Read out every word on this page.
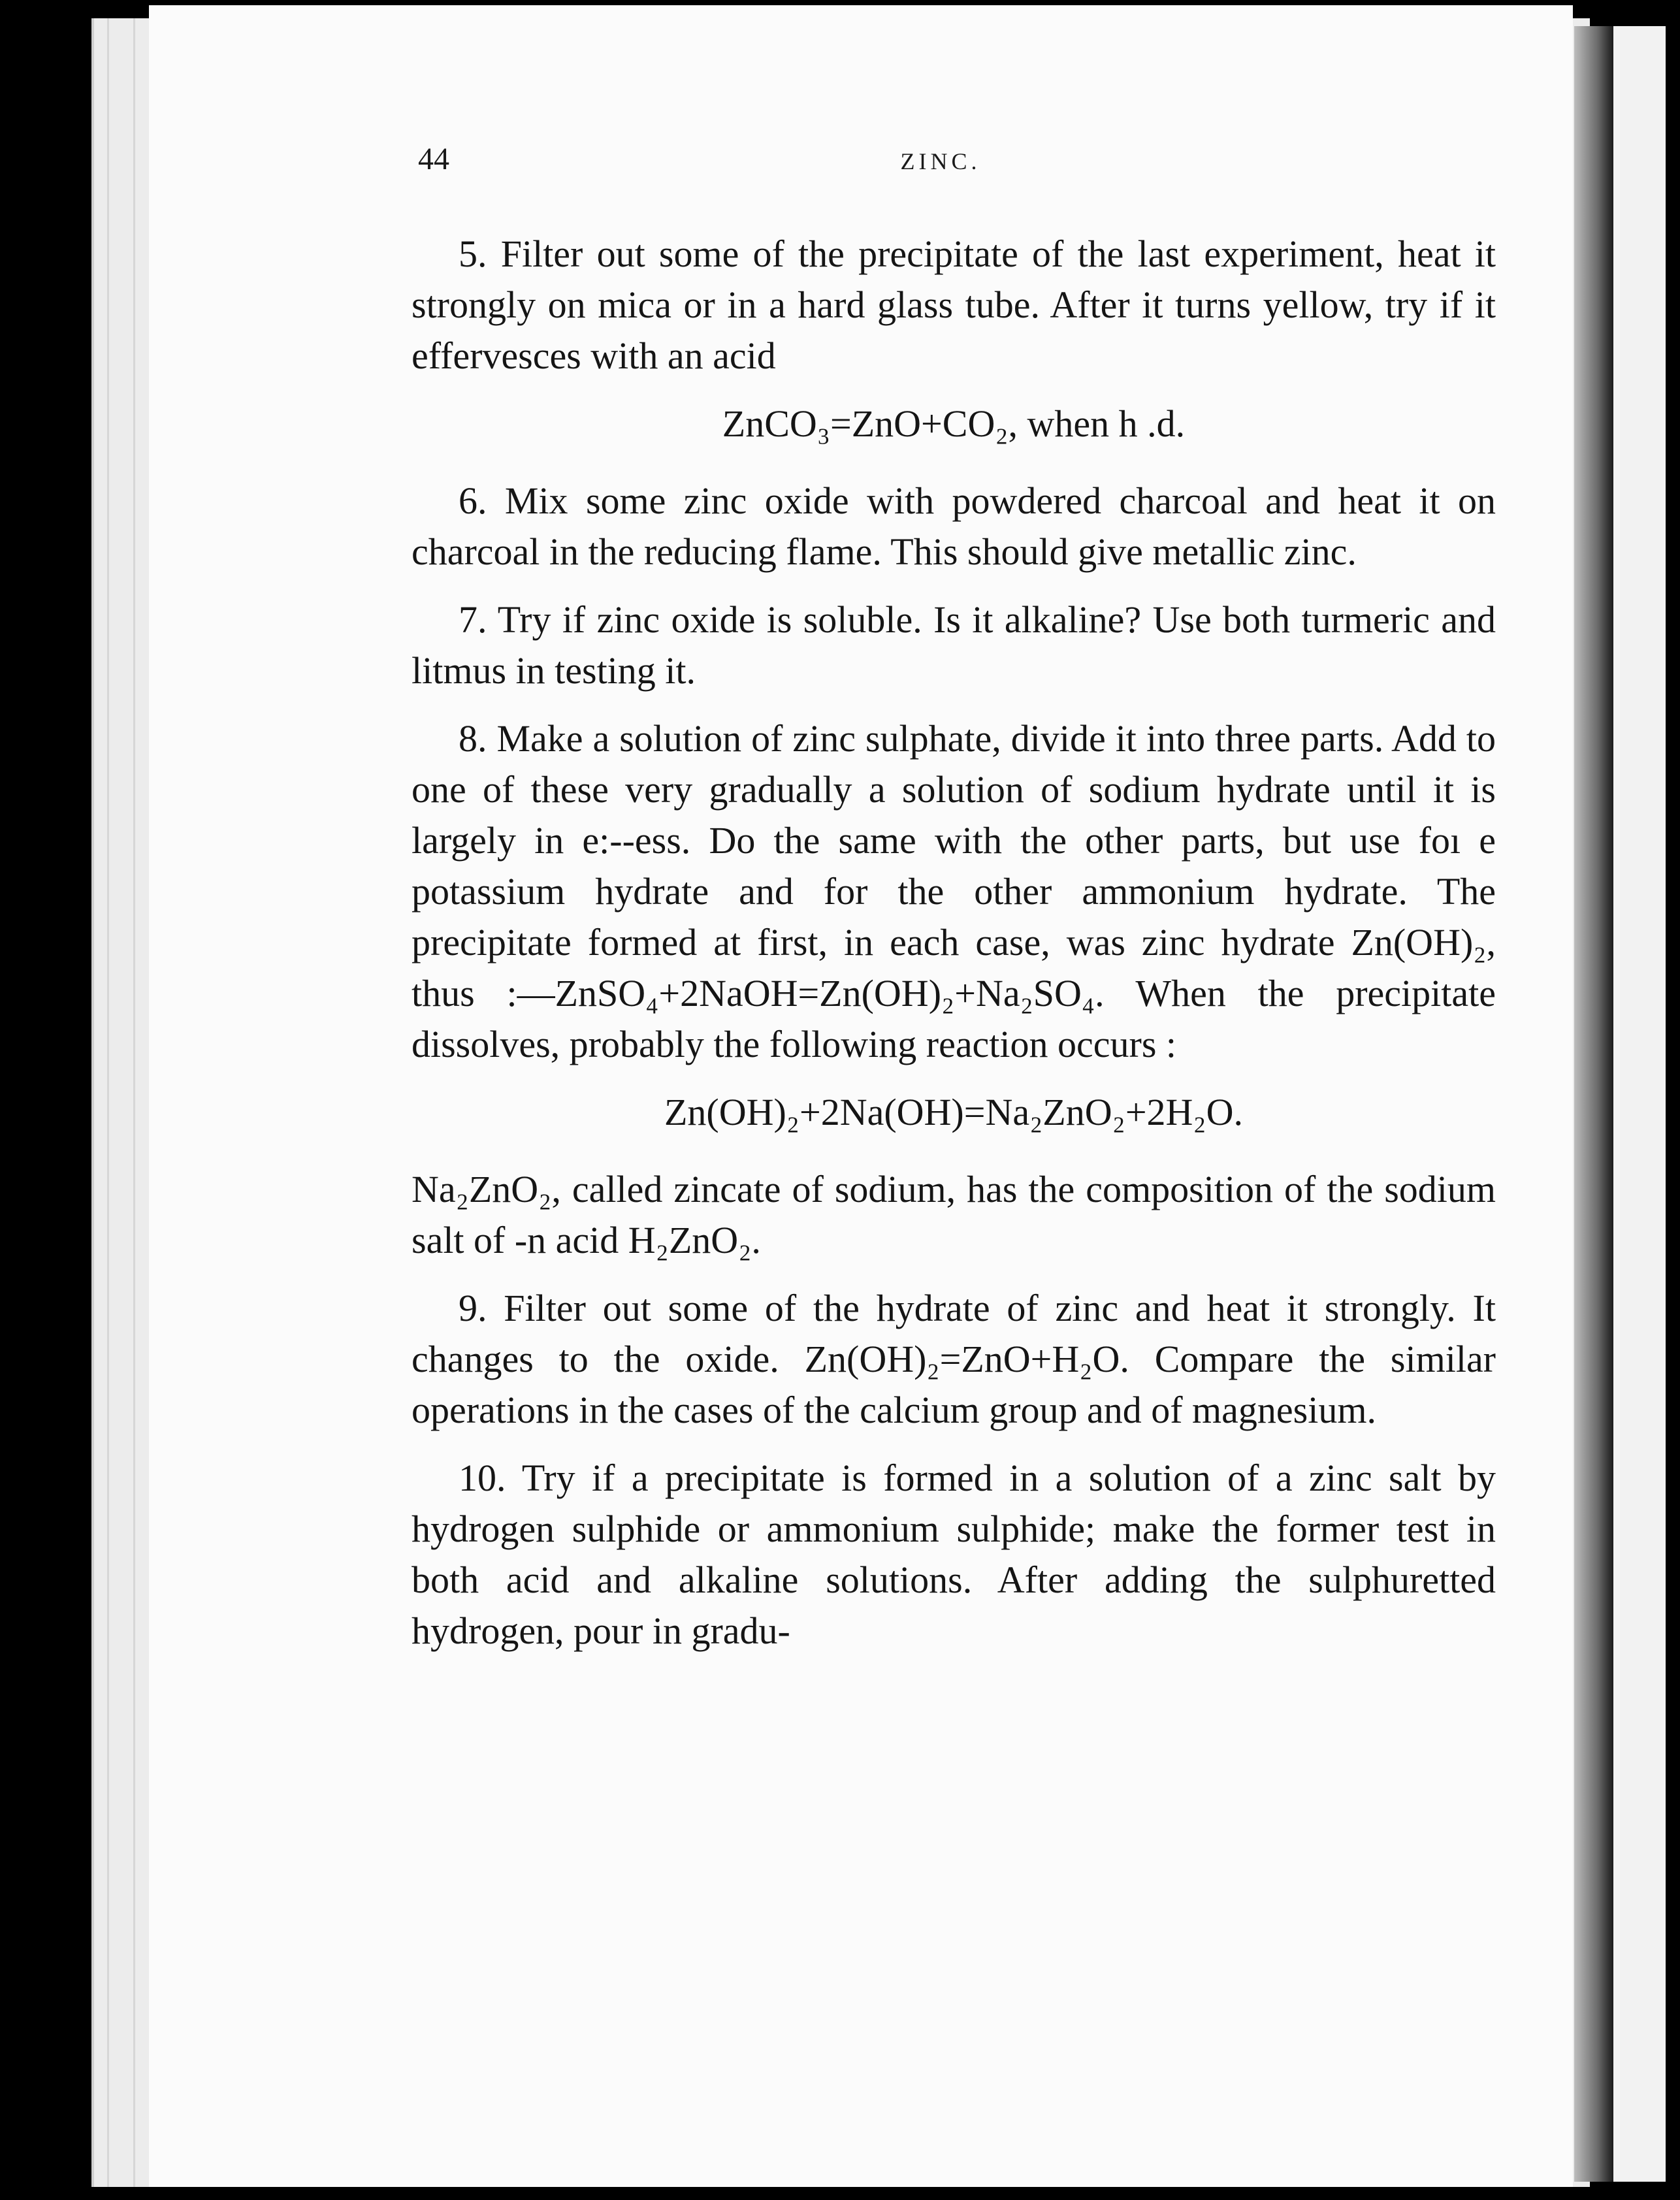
44	ZINC.

5. Filter out some of the precipitate of the last experiment, heat it strongly on mica or in a hard glass tube. After it turns yellow, try if it effervesces with an acid

ZnCO₃=ZnO+CO₂, when h .d.

6. Mix some zinc oxide with powdered charcoal and heat it on charcoal in the reducing flame. This should give metallic zinc.

7. Try if zinc oxide is soluble. Is it alkaline? Use both turmeric and litmus in testing it.

8. Make a solution of zinc sulphate, divide it into three parts. Add to one of these very gradually a solution of sodium hydrate until it is largely in e:‑‑ess. Do the same with the other parts, but use foı e potassium hydrate and for the other ammonium hydrate. The precipitate formed at first, in each case, was zinc hydrate Zn(OH)₂, thus :—ZnSO₄+2NaOH=Zn(OH)₂+Na₂SO₄. When the precipitate dissolves, probably the following reaction occurs :

Zn(OH)₂+2Na(OH)=Na₂ZnO₂+2H₂O.

Na₂ZnO₂, called zincate of sodium, has the composition of the sodium salt of ‑n acid H₂ZnO₂.

9. Filter out some of the hydrate of zinc and heat it strongly. It changes to the oxide. Zn(OH)₂=ZnO+H₂O. Compare the similar operations in the cases of the calcium group and of magnesium.

10. Try if a precipitate is formed in a solution of a zinc salt by hydrogen sulphide or ammonium sulphide; make the former test in both acid and alkaline solutions. After adding the sulphuretted hydrogen, pour in gradu-
